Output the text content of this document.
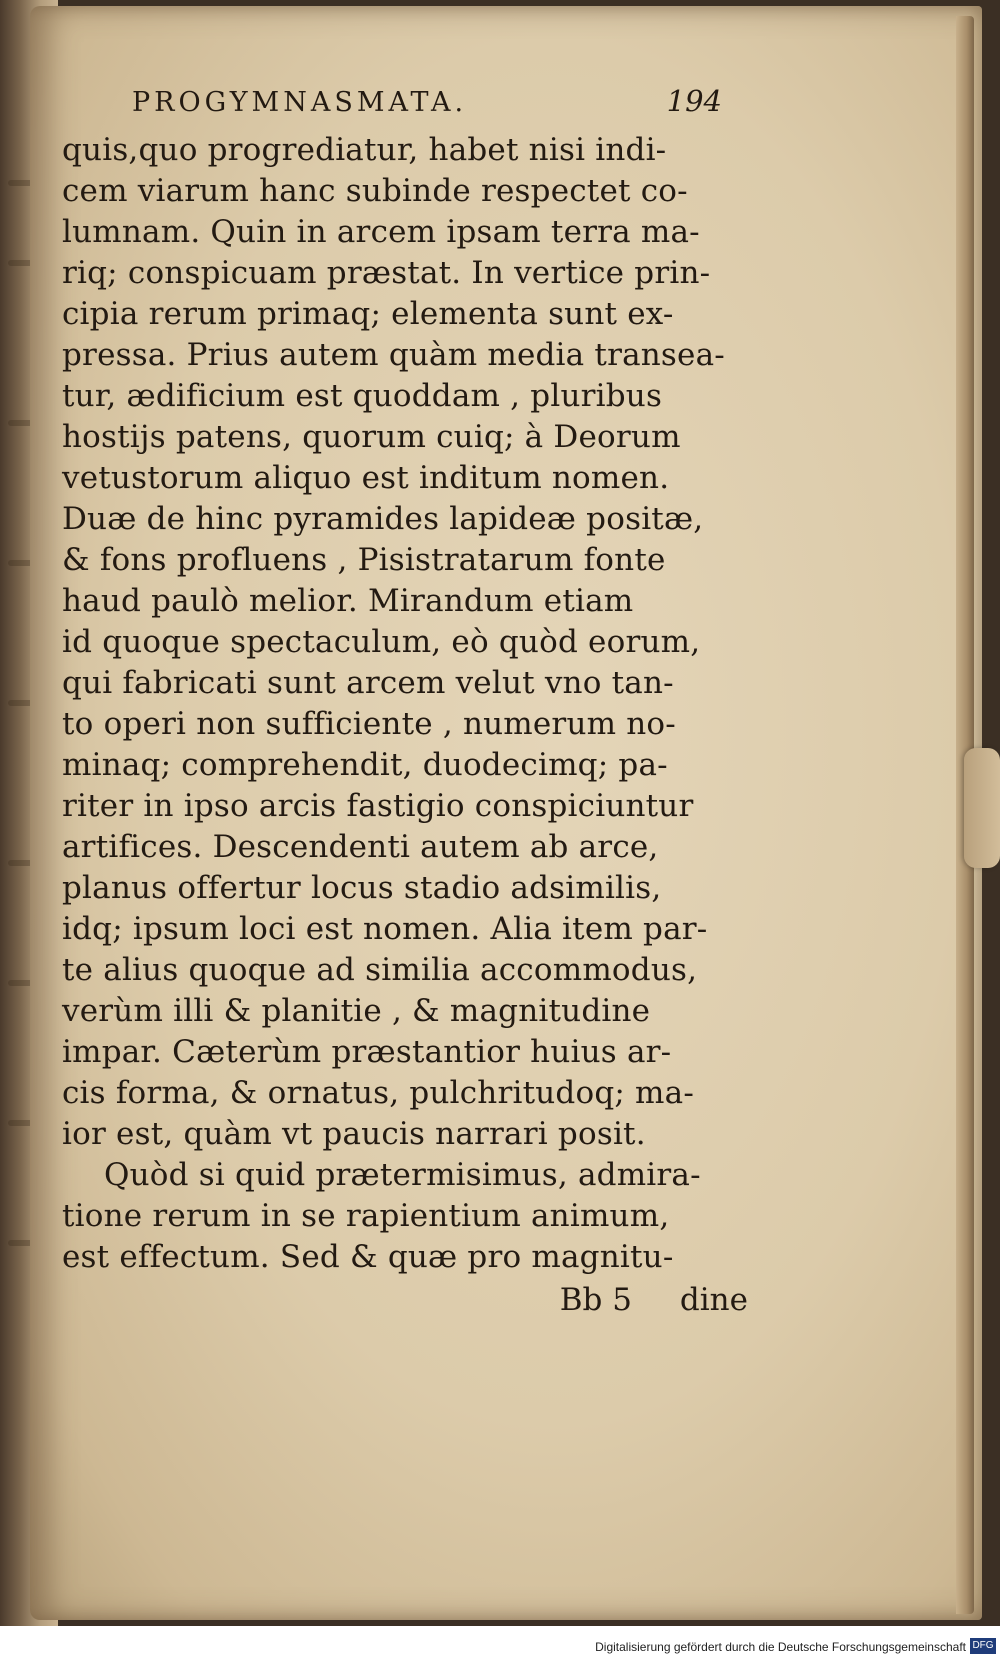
PROGYMNASMATA.	194
quis,quo progrediatur, habet nisi indi-
cem viarum hanc subinde respectet co-
lumnam. Quin in arcem ipsam terra ma-
riq; conspicuam præstat. In vertice prin-
cipia rerum primaq; elementa sunt ex-
pressa. Prius autem quàm media transea-
tur, ædificium est quoddam , pluribus
hostijs patens, quorum cuiq; à Deorum
vetustorum aliquo est inditum nomen.
Duæ de hinc pyramides lapideæ positæ,
& fons profluens , Pisistratarum fonte
haud paulò melior. Mirandum etiam
id quoque spectaculum, eò quòd eorum,
qui fabricati sunt arcem velut vno tan-
to operi non sufficiente , numerum no-
minaq; comprehendit, duodecimq; pa-
riter in ipso arcis fastigio conspiciuntur
artifices. Descendenti autem ab arce,
planus offertur locus stadio adsimilis,
idq; ipsum loci est nomen. Alia item par-
te alius quoque ad similia accommodus,
verùm illi & planitie , & magnitudine
impar. Cæterùm præstantior huius ar-
cis forma, & ornatus, pulchritudoq; ma-
ior est, quàm vt paucis narrari posit.
Quòd si quid prætermisimus, admira-
tione rerum in se rapientium animum,
est effectum. Sed & quæ pro magnitu-
Bb 5 dine
Digitalisierung gefördert durch die Deutsche Forschungsgemeinschaft DFG
